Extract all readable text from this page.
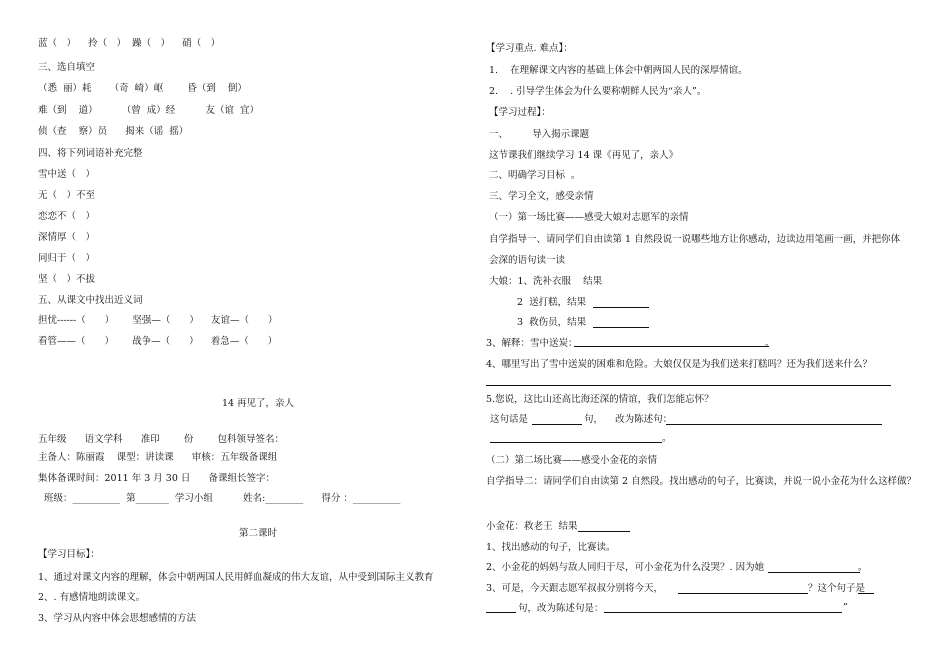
蓝（　）    拎（　）  躁（　）    硝（　）
三、选自填空
（悉  丽）耗      （奇  崎）岖        昏（到    倒）
难（到    道）        （曾  成）经          友（谊  宜）
侦（查    察）员      揭来（谣  摇）
四、将下列词语补充完整
雪中送（　）
无（　）不至
恋恋不（　）
深情厚（　）
同归于（　）
坚（　）不拔
五、从课文中找出近义词
担忧------（　　）      坚强—（　　）    友谊—（　　）
看管——（　　）      战争—（　　）    着急—（　　）
14 再见了，亲人
五年级      语文学科      准印        份        包科领导签名：
主备人：陈丽霞    课型：讲读课      审核：五年级备课组
集体备课时间：2011 年 3 月 30 日      备课组长签字：
班级：__________  第_______  学习小组          姓名:________      得分 ：__________
第二课时
【学习目标】：
1、通过对课文内容的理解，体会中朝两国人民用鲜血凝成的伟大友谊，从中受到国际主义教育
2、. 有感情地朗读课文。
3、学习从内容中体会思想感情的方法
【学习重点. 难点】：
1.    在理解课文内容的基础上体会中朝两国人民的深厚情谊。
2.    . 引导学生体会为什么要称朝鲜人民为“亲人”。
【学习过程】：
一、        导入揭示课题
这节课我们继续学习 14 课《再见了，亲人》
二、明确学习目标  。
三、学习全文，感受亲情
（一）第一场比赛——感受大娘对志愿军的亲情
自学指导一、请同学们自由读第 1 自然段说一说哪些地方让你感动，边读边用笔画一画，并把你体
会深的语句读一读
大娘：1、洗补衣服    结果
2  送打糕，结果
3  救伤员，结果
3、解释：雪中送炭：	。
4、哪里写出了雪中送炭的困难和危险。大娘仅仅是为我们送来打糕吗？还为我们送来什么？
5.您说，这比山还高比海还深的情谊，我们怎能忘怀？
这句话是	句，    改为陈述句：
。
（二）第二场比赛——感受小金花的亲情
自学指导二：请同学们自由读第 2 自然段。找出感动的句子，比赛读，并说一说小金花为什么这样做？
小金花：救老王  结果
1、找出感动的句子，比赛读。
2、小金花的妈妈与敌人同归于尽，可小金花为什么没哭？. 因为她	。
3、可是，今天跟志愿军叔叔分别将今天，	？这个句子是
句，改为陈述句是：	”
